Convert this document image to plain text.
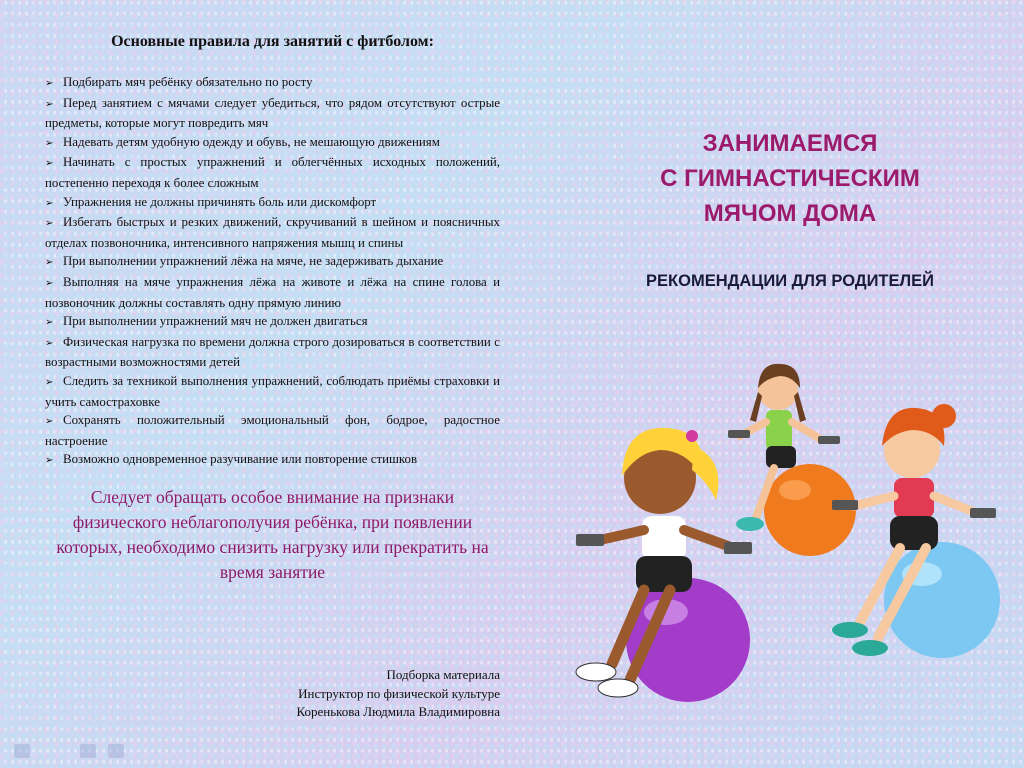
Основные правила для занятий с фитболом:
➢ Подбирать мяч ребёнку обязательно по росту
➢ Перед занятием с мячами следует убедиться, что рядом отсутствуют острые предметы, которые могут повредить мяч
➢ Надевать детям удобную одежду и обувь, не мешающую движениям
➢ Начинать с простых упражнений и облегчённых исходных положений, постепенно переходя к более сложным
➢ Упражнения не должны причинять боль или дискомфорт
➢ Избегать быстрых и резких движений, скручиваний в шейном и поясничных отделах позвоночника, интенсивного напряжения мышц и спины
➢ При выполнении упражнений лёжа на мяче, не задерживать дыхание
➢ Выполняя на мяче упражнения лёжа на животе и лёжа на спине голова и позвоночник должны составлять одну прямую линию
➢ При выполнении упражнений мяч не должен двигаться
➢ Физическая нагрузка по времени должна строго дозироваться в соответствии с возрастными возможностями детей
➢ Следить за техникой выполнения упражнений, соблюдать приёмы страховки и учить самостраховке
➢ Сохранять положительный эмоциональный фон, бодрое, радостное настроение
➢ Возможно одновременное разучивание или повторение стишков
Следует обращать особое внимание на признаки физического неблагополучия ребёнка, при появлении которых, необходимо снизить нагрузку или прекратить на время занятие
Подборка материала
Инструктор по физической культуре
Коренькова Людмила Владимировна
ЗАНИМАЕМСЯ
С ГИМНАСТИЧЕСКИМ
МЯЧОМ ДОМА
РЕКОМЕНДАЦИИ ДЛЯ РОДИТЕЛЕЙ
